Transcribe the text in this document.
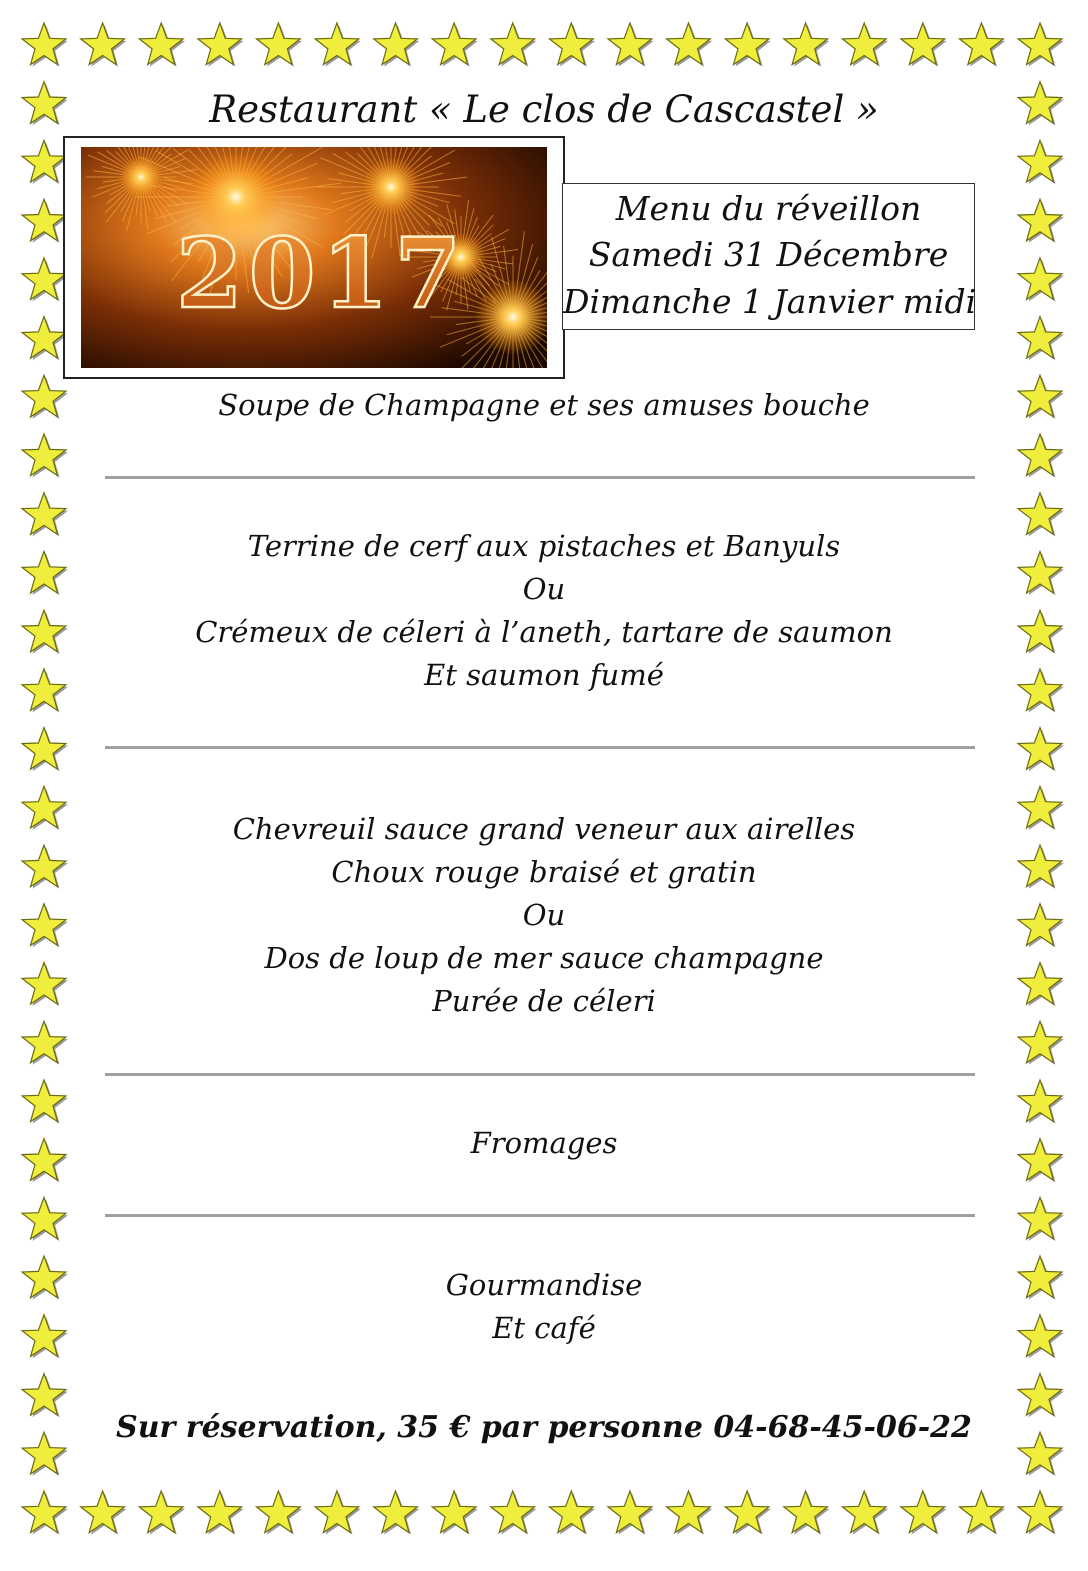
Restaurant « Le clos de Cascastel »
2017
Menu du réveillon
Samedi 31 Décembre
Dimanche 1 Janvier midi
Soupe de Champagne et ses amuses bouche
Terrine de cerf aux pistaches et Banyuls
Ou
Crémeux de céleri à l’aneth, tartare de saumon
Et saumon fumé
Chevreuil sauce grand veneur aux airelles
Choux rouge braisé et gratin
Ou
Dos de loup de mer sauce champagne
Purée de céleri
Fromages
Gourmandise
Et café
Sur réservation, 35 € par personne 04-68-45-06-22
